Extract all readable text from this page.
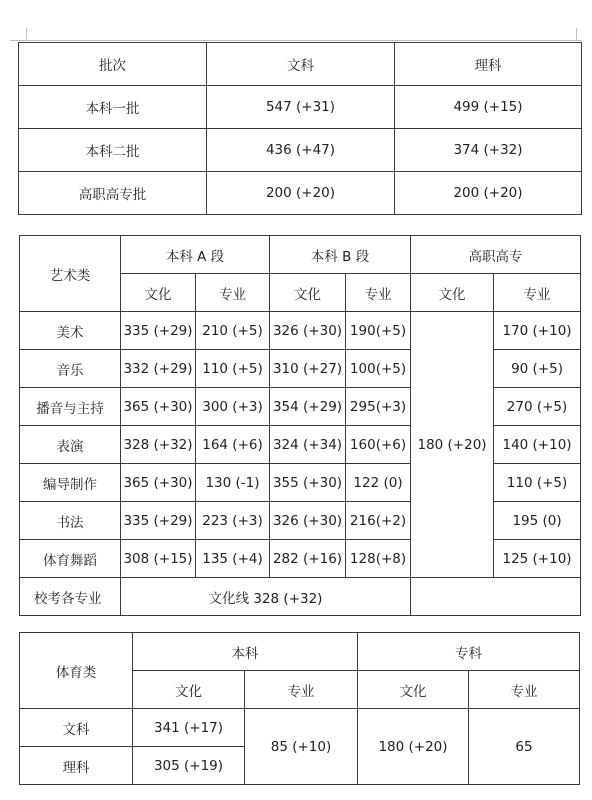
批次	文科	理科
本科一批	547 (+31)	499 (+15)
本科二批	436 (+47)	374 (+32)
高职高专批	200 (+20)	200 (+20)
艺术类	本科 A 段		本科 B 段		高职高专	
	文化	专业	文化	专业	文化	专业
美术	335 (+29)	210 (+5)	326 (+30)	190(+5)	180 (+20)	170 (+10)
音乐	332 (+29)	110 (+5)	310 (+27)	100(+5)		90 (+5)
播音与主持	365 (+30)	300 (+3)	354 (+29)	295(+3)		270 (+5)
表演	328 (+32)	164 (+6)	324 (+34)	160(+6)		140 (+10)
编导制作	365 (+30)	130 (-1)	355 (+30)	122 (0)		110 (+5)
书法	335 (+29)	223 (+3)	326 (+30)	216(+2)		195 (0)
体育舞蹈	308 (+15)	135 (+4)	282 (+16)	128(+8)		125 (+10)
校考各专业	文化线 328 (+32)					
体育类	本科		专科	
	文化	专业	文化	专业
文科	341 (+17)	85 (+10)	180 (+20)	65
理科	305 (+19)			
